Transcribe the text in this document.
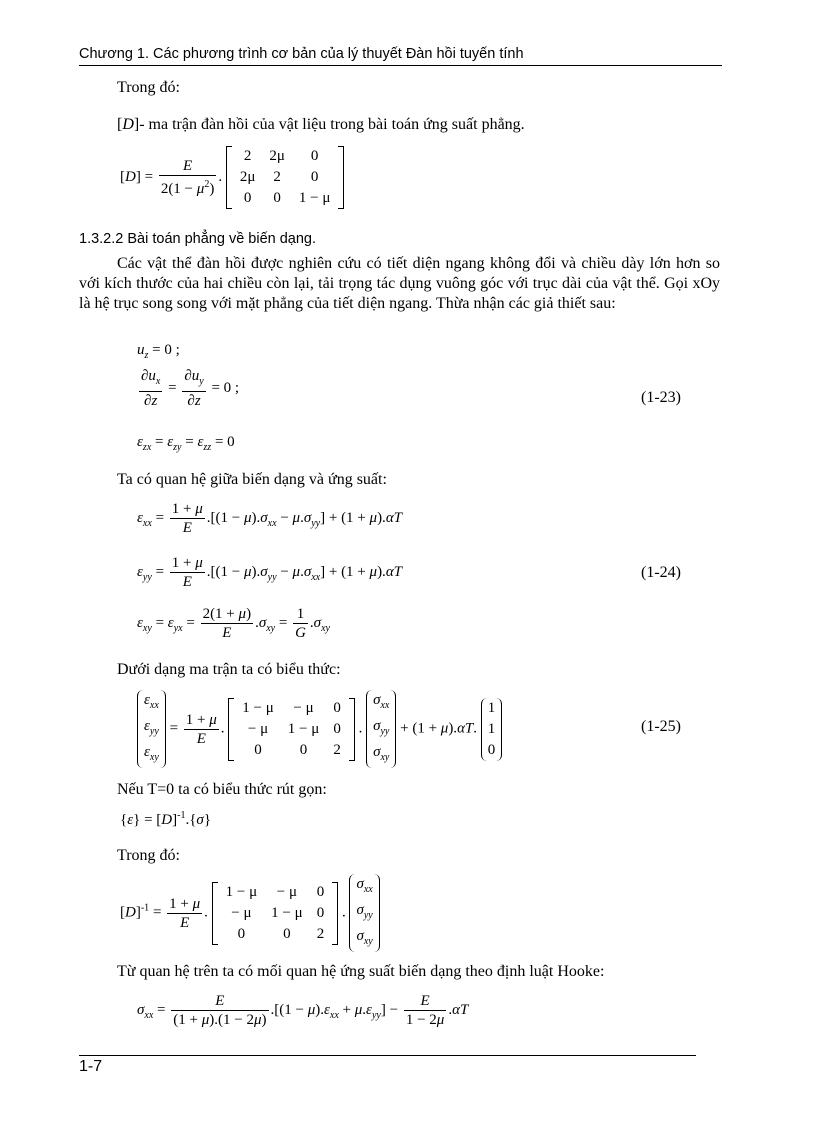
Chương 1. Các phương trình cơ bản của lý thuyết Đàn hồi tuyến tính
Trong đó:
[D]- ma trận đàn hồi của vật liệu trong bài toán ứng suất phẳng.
$[D] = \frac{E}{2(1 - \mu^2)}$ .
2	2μ	0
2μ	2	0
0	0	1 − μ
1.3.2.2 Bài toán phẳng về biến dạng.
Các vật thể đàn hồi được nghiên cứu có tiết diện ngang không đổi và chiều dày lớn hơn so với kích thước của hai chiều còn lại, tải trọng tác dụng vuông góc với trục dài của vật thể. Gọi xOy là hệ trục song song với mặt phẳng của tiết diện ngang. Thừa nhận các giả thiết sau:
$u_z = 0$ ;
$\frac{\partial u_x}{\partial z} = \frac{\partial u_y}{\partial z} = 0$ ;
(1-23)
$\varepsilon_{zx} = \varepsilon_{zy} = \varepsilon_{zz} = 0$
Ta có quan hệ giữa biến dạng và ứng suất:
$\varepsilon_{xx} = \frac{1 + \mu}{E} .[(1 - \mu).\sigma_{xx} - \mu.\sigma_{yy}] + (1 + \mu).\alpha T$
$\varepsilon_{yy} = \frac{1 + \mu}{E} .[(1 - \mu).\sigma_{yy} - \mu.\sigma_{xx}] + (1 + \mu).\alpha T$	(1-24)
$\varepsilon_{xy} = \varepsilon_{yx} = \frac{2(1 + \mu)}{E} .\sigma_{xy} = \frac{1}{G} .\sigma_{xy}$
Dưới dạng ma trận ta có biểu thức:
$\varepsilon_{xx}$
$\varepsilon_{yy}$
$\varepsilon_{xy}$
= $\frac{1 + \mu}{E}$ .
1 − μ	− μ	0
− μ	1 − μ	0
0	0	2
.
$\sigma_{xx}$
$\sigma_{yy}$
$\sigma_{xy}$
+ (1 + μ).αT.
1
1
0
(1-25)
Nếu T=0 ta có biểu thức rút gọn:
$\{\varepsilon\} = [D]^{-1}.\{\sigma\}$
Trong đó:
$[D]^{-1} = \frac{1 + \mu}{E}$ .
1 − μ	− μ	0
− μ	1 − μ	0
0	0	2
.
$\sigma_{xx}$
$\sigma_{yy}$
$\sigma_{xy}$
Từ quan hệ trên ta có mối quan hệ ứng suất biến dạng theo định luật Hooke:
$\sigma_{xx} = \frac{E}{(1 + \mu).(1 - 2\mu)} .[(1 - \mu).\varepsilon_{xx} + \mu.\varepsilon_{yy}] - \frac{E}{1 - 2\mu} .\alpha T$
1-7
